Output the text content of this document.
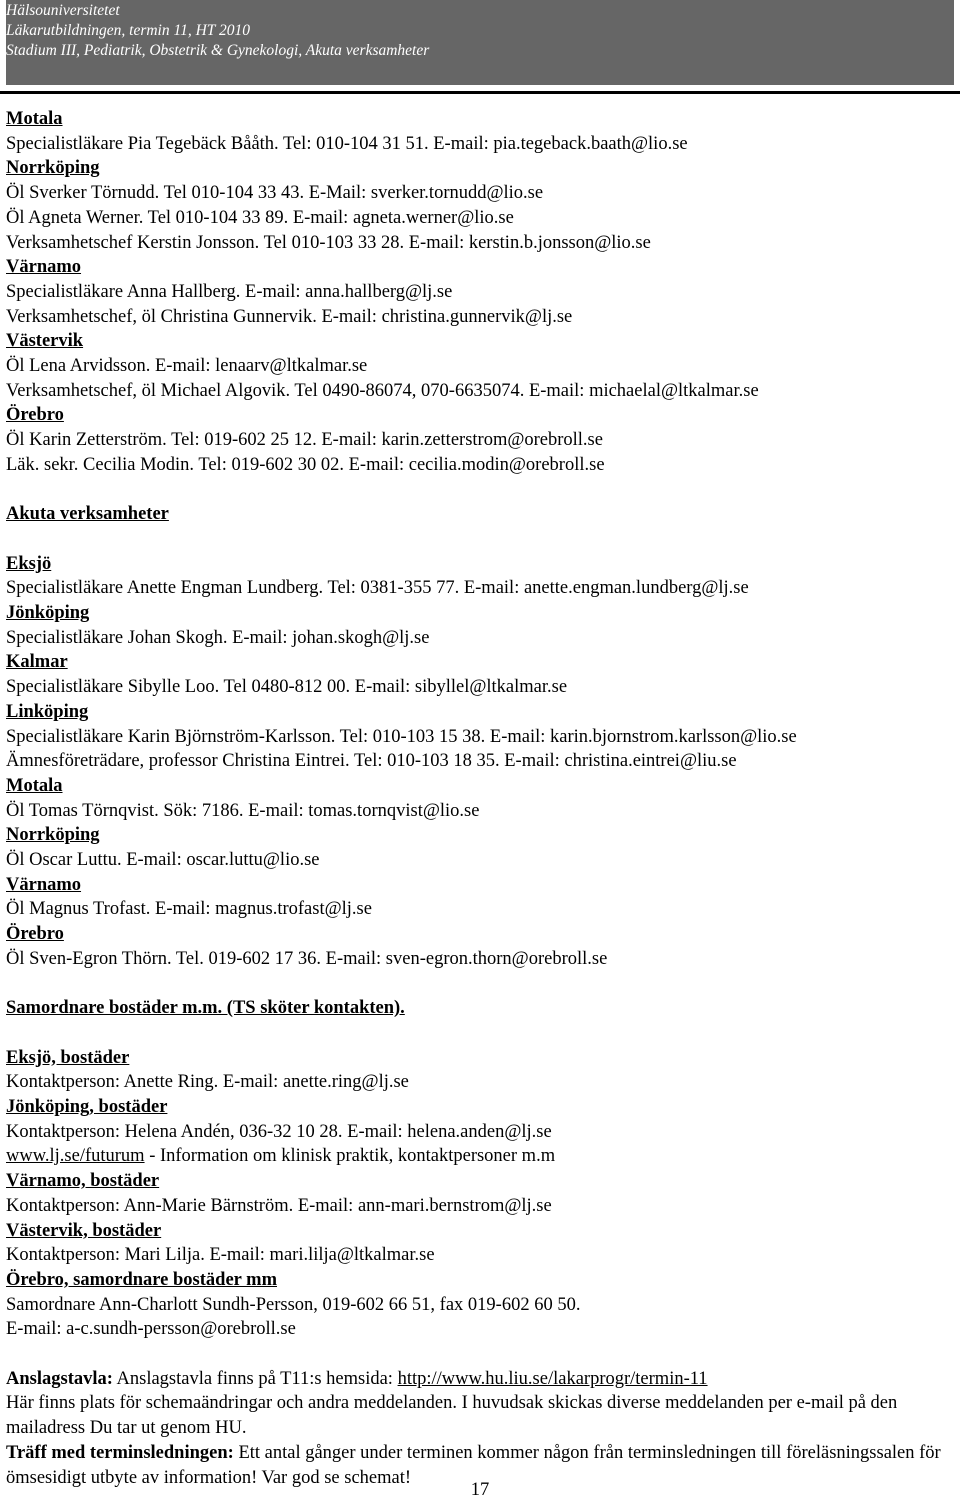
Hälsouniversitetet
Läkarutbildningen, termin 11, HT 2010
Stadium III, Pediatrik, Obstetrik & Gynekologi, Akuta verksamheter
Motala
Specialistläkare Pia Tegebäck Bååth. Tel: 010-104 31 51. E-mail: pia.tegeback.baath@lio.se
Norrköping
Öl Sverker Törnudd. Tel 010-104 33 43. E-Mail: sverker.tornudd@lio.se
Öl Agneta Werner. Tel 010-104 33 89. E-mail: agneta.werner@lio.se
Verksamhetschef Kerstin Jonsson. Tel 010-103 33 28. E-mail: kerstin.b.jonsson@lio.se
Värnamo
Specialistläkare Anna Hallberg. E-mail: anna.hallberg@lj.se
Verksamhetschef, öl Christina Gunnervik. E-mail: christina.gunnervik@lj.se
Västervik
Öl Lena Arvidsson. E-mail: lenaarv@ltkalmar.se
Verksamhetschef, öl Michael Algovik. Tel 0490-86074, 070-6635074. E-mail: michaelal@ltkalmar.se
Örebro
Öl Karin Zetterström. Tel: 019-602 25 12. E-mail: karin.zetterstrom@orebroll.se
Läk. sekr. Cecilia Modin. Tel: 019-602 30 02. E-mail: cecilia.modin@orebroll.se
Akuta verksamheter
Eksjö
Specialistläkare Anette Engman Lundberg. Tel: 0381-355 77. E-mail: anette.engman.lundberg@lj.se
Jönköping
Specialistläkare Johan Skogh. E-mail: johan.skogh@lj.se
Kalmar
Specialistläkare Sibylle Loo. Tel 0480-812 00. E-mail: sibyllel@ltkalmar.se
Linköping
Specialistläkare Karin Björnström-Karlsson. Tel: 010-103 15 38. E-mail: karin.bjornstrom.karlsson@lio.se
Ämnesföreträdare, professor Christina Eintrei. Tel: 010-103 18 35. E-mail: christina.eintrei@liu.se
Motala
Öl Tomas Törnqvist. Sök: 7186. E-mail: tomas.tornqvist@lio.se
Norrköping
Öl Oscar Luttu. E-mail: oscar.luttu@lio.se
Värnamo
Öl Magnus Trofast. E-mail: magnus.trofast@lj.se
Örebro
Öl Sven-Egron Thörn. Tel. 019-602 17 36. E-mail: sven-egron.thorn@orebroll.se
Samordnare bostäder m.m. (TS sköter kontakten).
Eksjö, bostäder
Kontaktperson: Anette Ring. E-mail: anette.ring@lj.se
Jönköping, bostäder
Kontaktperson: Helena Andén, 036-32 10 28. E-mail: helena.anden@lj.se
www.lj.se/futurum - Information om klinisk praktik, kontaktpersoner m.m
Värnamo, bostäder
Kontaktperson: Ann-Marie Bärnström. E-mail: ann-mari.bernstrom@lj.se
Västervik, bostäder
Kontaktperson: Mari Lilja. E-mail: mari.lilja@ltkalmar.se
Örebro, samordnare bostäder mm
Samordnare Ann-Charlott Sundh-Persson, 019-602 66 51, fax 019-602 60 50.
E-mail: a-c.sundh-persson@orebroll.se
Anslagstavla: Anslagstavla finns på T11:s hemsida: http://www.hu.liu.se/lakarprogr/termin-11
Här finns plats för schemaändringar och andra meddelanden. I huvudsak skickas diverse meddelanden per e-mail på den mailadress Du tar ut genom HU.
Träff med terminsledningen: Ett antal gånger under terminen kommer någon från terminsledningen till föreläsningssalen för ömsesidigt utbyte av information! Var god se schemat!
17
